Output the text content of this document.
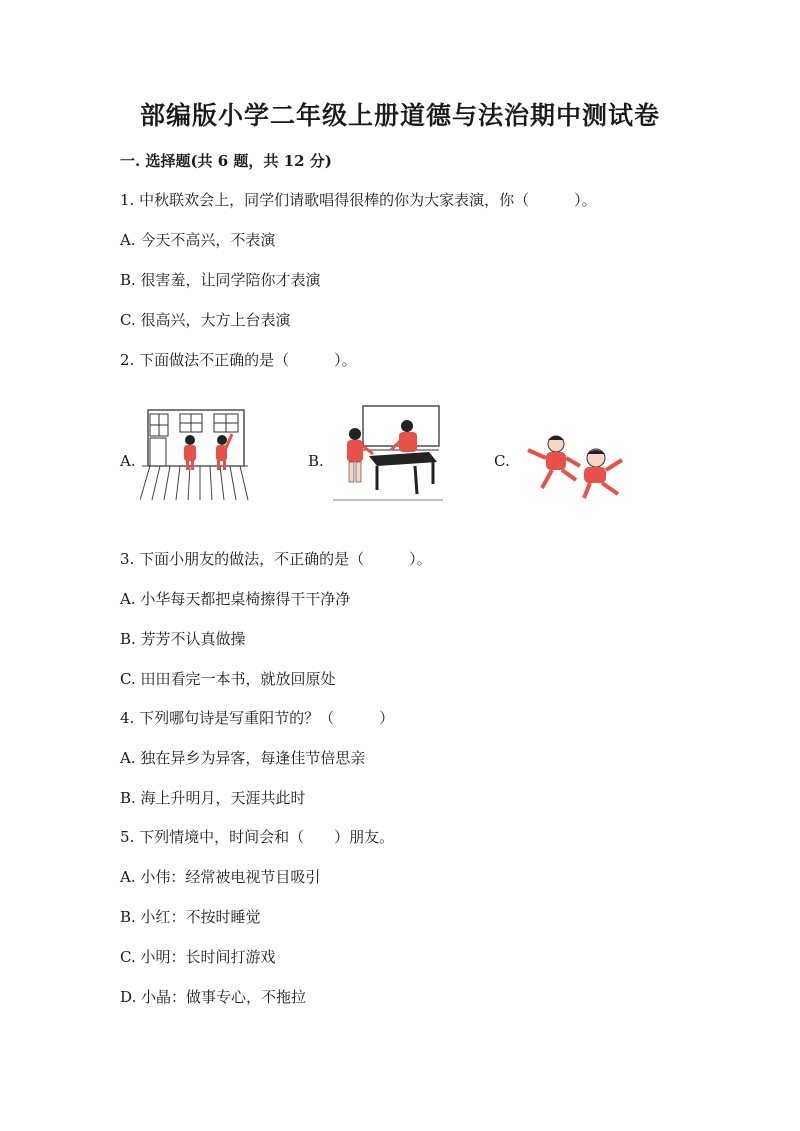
部编版小学二年级上册道德与法治期中测试卷
一. 选择题(共 6 题，共 12 分)
1. 中秋联欢会上，同学们请歌唱得很棒的你为大家表演，你（　　　）。
A. 今天不高兴，不表演
B. 很害羞，让同学陪你才表演
C. 很高兴，大方上台表演
2. 下面做法不正确的是（　　　）。
A.	B.	C.
3. 下面小朋友的做法，不正确的是（　　　）。
A. 小华每天都把桌椅擦得干干净净
B. 芳芳不认真做操
C. 田田看完一本书，就放回原处
4. 下列哪句诗是写重阳节的？（　　　）
A. 独在异乡为异客，每逢佳节倍思亲
B. 海上升明月，天涯共此时
5. 下列情境中，时间会和（　　）朋友。
A. 小伟：经常被电视节目吸引
B. 小红：不按时睡觉
C. 小明：长时间打游戏
D. 小晶：做事专心，不拖拉
